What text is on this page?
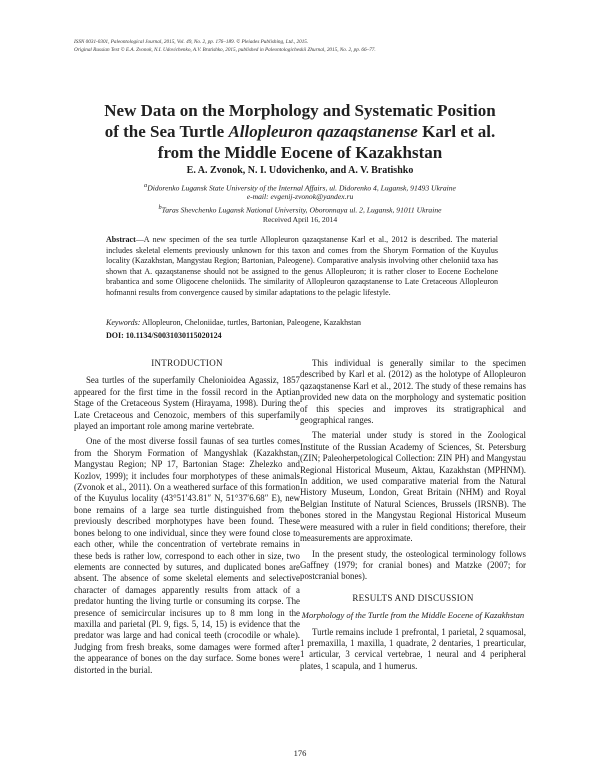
ISSN 0031-0301, Paleontological Journal, 2015, Vol. 49, No. 2, pp. 176–189. © Pleiades Publishing, Ltd., 2015.
Original Russian Text © E.A. Zvonok, N.I. Udovichenko, A.V. Bratishko, 2015, published in Paleontologicheskii Zhurnal, 2015, No. 2, pp. 66–77.
New Data on the Morphology and Systematic Position
of the Sea Turtle Allopleuron qazaqstanense Karl et al.
from the Middle Eocene of Kazakhstan
E. A. Zvonok, N. I. Udovichenko, and A. V. Bratishko
$^a$Didorenko Lugansk State University of the Internal Affairs, ul. Didorenko 4, Lugansk, 91493 Ukraine
e-mail: evgenij-zvonok@yandex.ru
$^b$Taras Shevchenko Lugansk National University, Oboronnaya ul. 2, Lugansk, 91011 Ukraine
Received April 16, 2014
Abstract—A new specimen of the sea turtle Allopleuron qazaqstanense Karl et al., 2012 is described. The material includes skeletal elements previously unknown for this taxon and comes from the Shorym Formation of the Kuyulus locality (Kazakhstan, Mangystau Region; Bartonian, Paleogene). Comparative analysis involving other cheloniid taxa has shown that A. qazaqstanense should not be assigned to the genus Allopleuron; it is rather closer to Eocene Eochelone brabantica and some Oligocene cheloniids. The similarity of Allopleuron qazaqstanense to Late Cretaceous Allopleuron hofmanni results from convergence caused by similar adaptations to the pelagic lifestyle.
Keywords: Allopleuron, Cheloniidae, turtles, Bartonian, Paleogene, Kazakhstan
DOI: 10.1134/S0031030115020124
INTRODUCTION

Sea turtles of the superfamily Chelonioidea Agassiz, 1857 appeared for the first time in the fossil record in the Aptian Stage of the Cretaceous System (Hirayama, 1998). During the Late Cretaceous and Cenozoic, members of this superfamily played an important role among marine vertebrate.

One of the most diverse fossil faunas of sea turtles comes from the Shorym Formation of Mangyshlak (Kazakhstan, Mangystau Region; NP 17, Bartonian Stage: Zhelezko and Kozlov, 1999); it includes four morphotypes of these animals (Zvonok et al., 2011). On a weathered surface of this formation of the Kuyulus locality (43°51′43.81″ N, 51°37′6.68″ E), new bone remains of a large sea turtle distinguished from the previously described morphotypes have been found. These bones belong to one individual, since they were found close to each other, while the concentration of vertebrate remains in these beds is rather low, correspond to each other in size, two elements are connected by sutures, and duplicated bones are absent. The absence of some skeletal elements and selective character of damages apparently results from attack of a predator hunting the living turtle or consuming its corpse. The presence of semicircular incisures up to 8 mm long in the maxilla and parietal (Pl. 9, figs. 5, 14, 15) is evidence that the predator was large and had conical teeth (crocodile or whale). Judging from fresh breaks, some damages were formed after the appearance of bones on the day surface. Some bones were distorted in the burial.

This individual is generally similar to the specimen described by Karl et al. (2012) as the holotype of Allopleuron qazaqstanense Karl et al., 2012. The study of these remains has provided new data on the morphology and systematic position of this species and improves its stratigraphical and geographical ranges.

The material under study is stored in the Zoological Institute of the Russian Academy of Sciences, St. Petersburg (ZIN; Paleoherpetological Collection: ZIN PH) and Mangystau Regional Historical Museum, Aktau, Kazakhstan (MPHNM). In addition, we used comparative material from the Natural History Museum, London, Great Britain (NHM) and Royal Belgian Institute of Natural Sciences, Brussels (IRSNB). The bones stored in the Mangystau Regional Historical Museum were measured with a ruler in field conditions; therefore, their measurements are approximate.

In the present study, the osteological terminology follows Gaffney (1979; for cranial bones) and Matzke (2007; for postcranial bones).

RESULTS AND DISCUSSION
Morphology of the Turtle from the Middle Eocene of Kazakhstan

Turtle remains include 1 prefrontal, 1 parietal, 2 squamosal, 1 premaxilla, 1 maxilla, 1 quadrate, 2 dentaries, 1 prearticular, 1 articular, 3 cervical vertebrae, 1 neural and 4 peripheral plates, 1 scapula, and 1 humerus.

176
